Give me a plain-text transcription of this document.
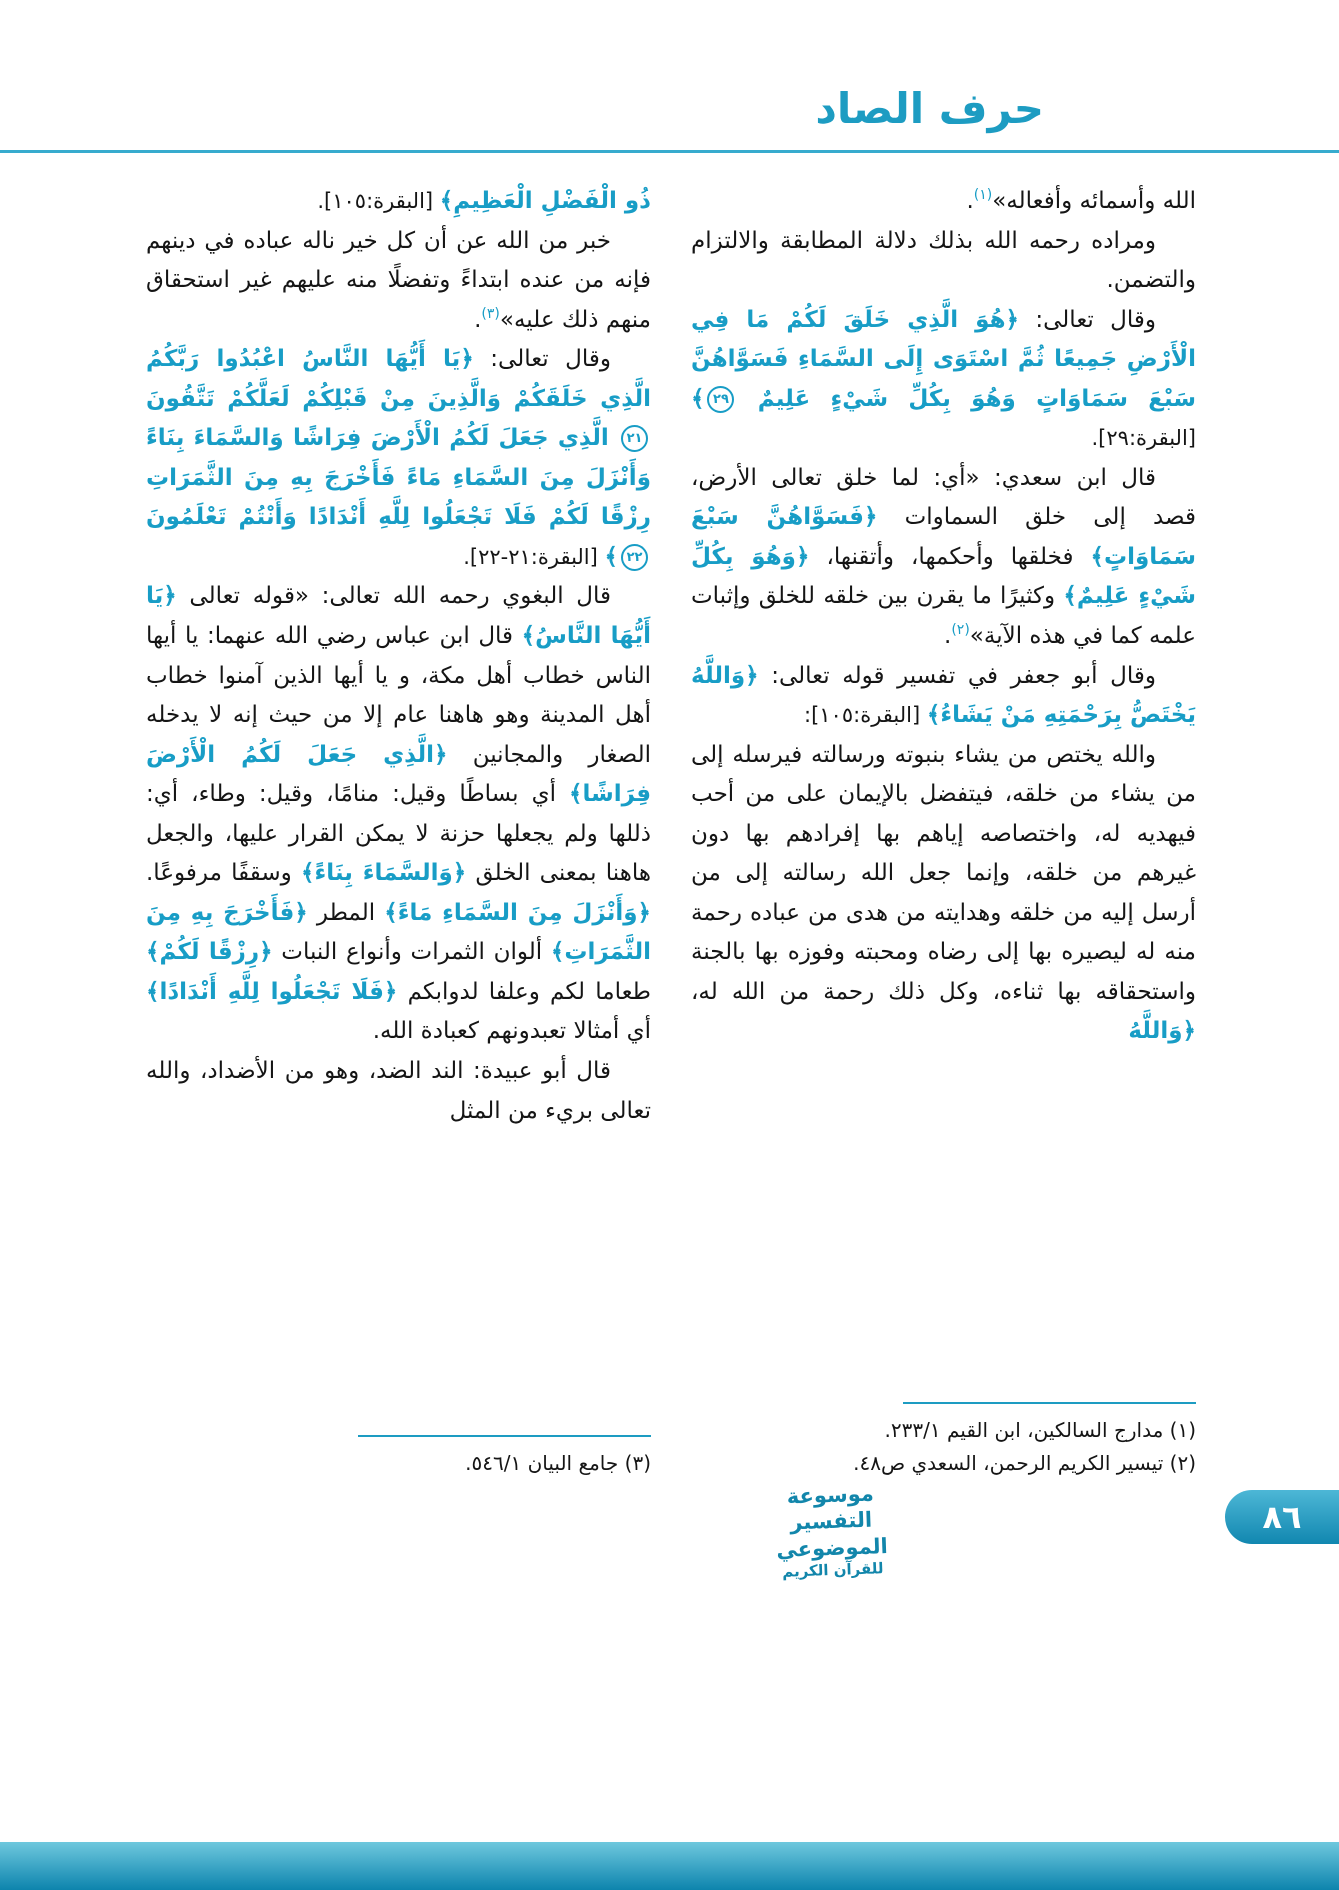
حرف الصاد

الله وأسمائه وأفعاله»$^{(١)}$.

ومراده رحمه الله بذلك دلالة المطابقة والالتزام والتضمن.

وقال تعالى: ﴿هُوَ الَّذِي خَلَقَ لَكُمْ مَا فِي الْأَرْضِ جَمِيعًا ثُمَّ اسْتَوَى إِلَى السَّمَاءِ فَسَوَّاهُنَّ سَبْعَ سَمَاوَاتٍ وَهُوَ بِكُلِّ شَيْءٍ عَلِيمٌ ٢٩﴾ [البقرة:٢٩].

قال ابن سعدي: «أي: لما خلق تعالى الأرض، قصد إلى خلق السماوات ﴿فَسَوَّاهُنَّ سَبْعَ سَمَاوَاتٍ﴾ فخلقها وأحكمها، وأتقنها، ﴿وَهُوَ بِكُلِّ شَيْءٍ عَلِيمٌ﴾ وكثيرًا ما يقرن بين خلقه للخلق وإثبات علمه كما في هذه الآية»$^{(٢)}$.

وقال أبو جعفر في تفسير قوله تعالى: ﴿وَاللَّهُ يَخْتَصُّ بِرَحْمَتِهِ مَنْ يَشَاءُ﴾ [البقرة:١٠٥]:

والله يختص من يشاء بنبوته ورسالته فيرسله إلى من يشاء من خلقه، فيتفضل بالإيمان على من أحب فيهديه له، واختصاصه إياهم بها إفرادهم بها دون غيرهم من خلقه، وإنما جعل الله رسالته إلى من أرسل إليه من خلقه وهدايته من هدى من عباده رحمة منه له ليصيره بها إلى رضاه ومحبته وفوزه بها بالجنة واستحقاقه بها ثناءه، وكل ذلك رحمة من الله له، ﴿وَاللَّهُ

(١) مدارج السالكين، ابن القيم ٢٣٣/١.
(٢) تيسير الكريم الرحمن، السعدي ص٤٨.

ذُو الْفَضْلِ الْعَظِيمِ﴾ [البقرة:١٠٥].

خبر من الله عن أن كل خير ناله عباده في دينهم فإنه من عنده ابتداءً وتفضلًا منه عليهم غير استحقاق منهم ذلك عليه»$^{(٣)}$.

وقال تعالى: ﴿يَا أَيُّهَا النَّاسُ اعْبُدُوا رَبَّكُمُ الَّذِي خَلَقَكُمْ وَالَّذِينَ مِنْ قَبْلِكُمْ لَعَلَّكُمْ تَتَّقُونَ ٢١ الَّذِي جَعَلَ لَكُمُ الْأَرْضَ فِرَاشًا وَالسَّمَاءَ بِنَاءً وَأَنْزَلَ مِنَ السَّمَاءِ مَاءً فَأَخْرَجَ بِهِ مِنَ الثَّمَرَاتِ رِزْقًا لَكُمْ فَلَا تَجْعَلُوا لِلَّهِ أَنْدَادًا وَأَنْتُمْ تَعْلَمُونَ ٢٢﴾ [البقرة:٢١-٢٢].

قال البغوي رحمه الله تعالى: «قوله تعالى ﴿يَا أَيُّهَا النَّاسُ﴾ قال ابن عباس رضي الله عنهما: يا أيها الناس خطاب أهل مكة، و يا أيها الذين آمنوا خطاب أهل المدينة وهو هاهنا عام إلا من حيث إنه لا يدخله الصغار والمجانين ﴿الَّذِي جَعَلَ لَكُمُ الْأَرْضَ فِرَاشًا﴾ أي بساطًا وقيل: منامًا، وقيل: وطاء، أي: ذللها ولم يجعلها حزنة لا يمكن القرار عليها، والجعل هاهنا بمعنى الخلق ﴿وَالسَّمَاءَ بِنَاءً﴾ وسقفًا مرفوعًا. ﴿وَأَنْزَلَ مِنَ السَّمَاءِ مَاءً﴾ المطر ﴿فَأَخْرَجَ بِهِ مِنَ الثَّمَرَاتِ﴾ ألوان الثمرات وأنواع النبات ﴿رِزْقًا لَكُمْ﴾ طعاما لكم وعلفا لدوابكم ﴿فَلَا تَجْعَلُوا لِلَّهِ أَنْدَادًا﴾ أي أمثالا تعبدونهم كعبادة الله.

قال أبو عبيدة: الند الضد، وهو من الأضداد، والله تعالى بريء من المثل

(٣) جامع البيان ٥٤٦/١.
موسوعة التفسير الموضوعي
للقرآن الكريم
٨٦
